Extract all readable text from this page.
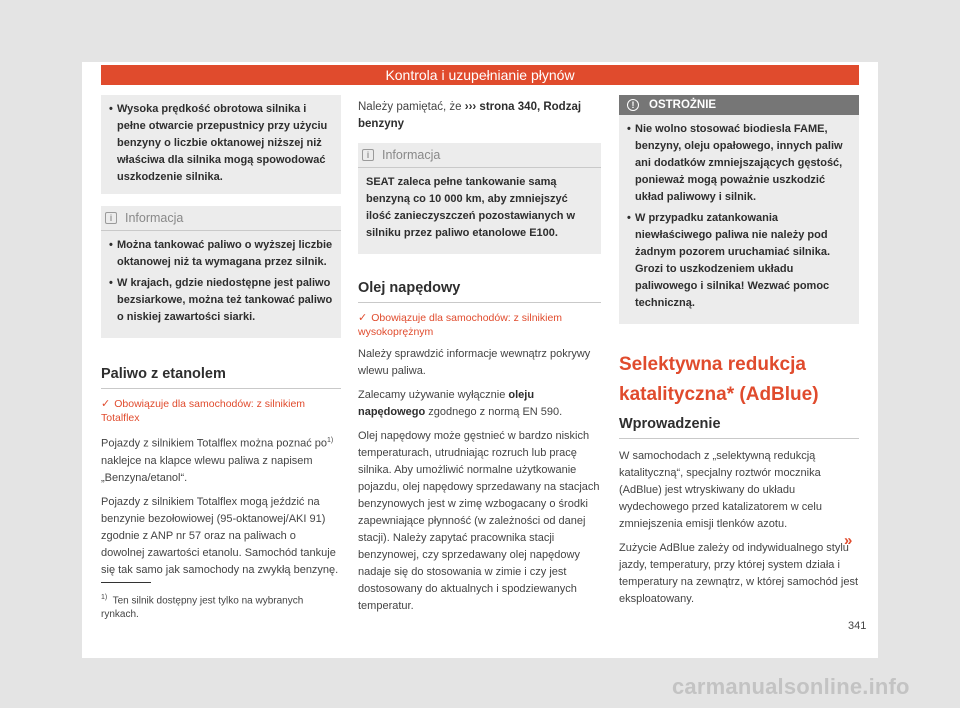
Kontrola i uzupełnianie płynów

• Wysoka prędkość obrotowa silnika i pełne otwarcie przepustnicy przy użyciu benzyny o liczbie oktanowej niższej niż właściwa dla silnika mogą spowodować uszkodzenie silnika.

i	Informacja

• Można tankować paliwo o wyższej liczbie oktanowej niż ta wymagana przez silnik.

• W krajach, gdzie niedostępne jest paliwo bezsiarkowe, można też tankować paliwo o niskiej zawartości siarki.

Paliwo z etanolem
✓ Obowiązuje dla samochodów: z silnikiem Totalflex

Pojazdy z silnikiem Totalflex można poznać $po^{1)}$ naklejce na klapce wlewu paliwa z napisem „Benzyna/etanol“.

Pojazdy z silnikiem Totalflex mogą jeździć na benzynie bezołowiowej (95-oktanowej/AKI 91) zgodnie z ANP nr 57 oraz na paliwach o dowolnej zawartości etanolu. Samochód tankuje się tak samo jak samochody na zwykłą benzynę.

Należy pamiętać, że ››› strona 340, Rodzaj benzyny

i	Informacja

SEAT zaleca pełne tankowanie samą benzyną co 10 000 km, aby zmniejszyć ilość zanieczyszczeń pozostawianych w silniku przez paliwo etanolowe E100.

Olej napędowy
✓ Obowiązuje dla samochodów: z silnikiem wysokoprężnym

Należy sprawdzić informacje wewnątrz pokrywy wlewu paliwa.

Zalecamy używanie wyłącznie oleju napędowego zgodnego z normą EN 590.

Olej napędowy może gęstnieć w bardzo niskich temperaturach, utrudniając rozruch lub pracę silnika. Aby umożliwić normalne użytkowanie pojazdu, olej napędowy sprzedawany na stacjach benzynowych jest w zimę wzbogacany o środki zapewniające płynność (w zależności od danej stacji). Należy zapytać pracownika stacji benzynowej, czy sprzedawany olej napędowy nadaje się do stosowania w zimie i czy jest dostosowany do aktualnych i spodziewanych temperatur.

!	OSTROŻNIE

• Nie wolno stosować biodiesla FAME, benzyny, oleju opałowego, innych paliw ani dodatków zmniejszających gęstość, ponieważ mogą poważnie uszkodzić układ paliwowy i silnik.

• W przypadku zatankowania niewłaściwego paliwa nie należy pod żadnym pozorem uruchamiać silnika. Grozi to uszkodzeniem układu paliwowego i silnika! Wezwać pomoc techniczną.

Selektywna redukcja katalityczna* (AdBlue)
Wprowadzenie

W samochodach z „selektywną redukcją katalityczną“, specjalny roztwór mocznika (AdBlue) jest wtryskiwany do układu wydechowego przed katalizatorem w celu zmniejszenia emisji tlenków azotu.

Zużycie AdBlue zależy od indywidualnego stylu jazdy, temperatury, przy której system działa i temperatury na zewnątrz, w której samochód jest eksploatowany.

$^{1)}$ Ten silnik dostępny jest tylko na wybranych rynkach.
»
341
carmanualsonline.info
